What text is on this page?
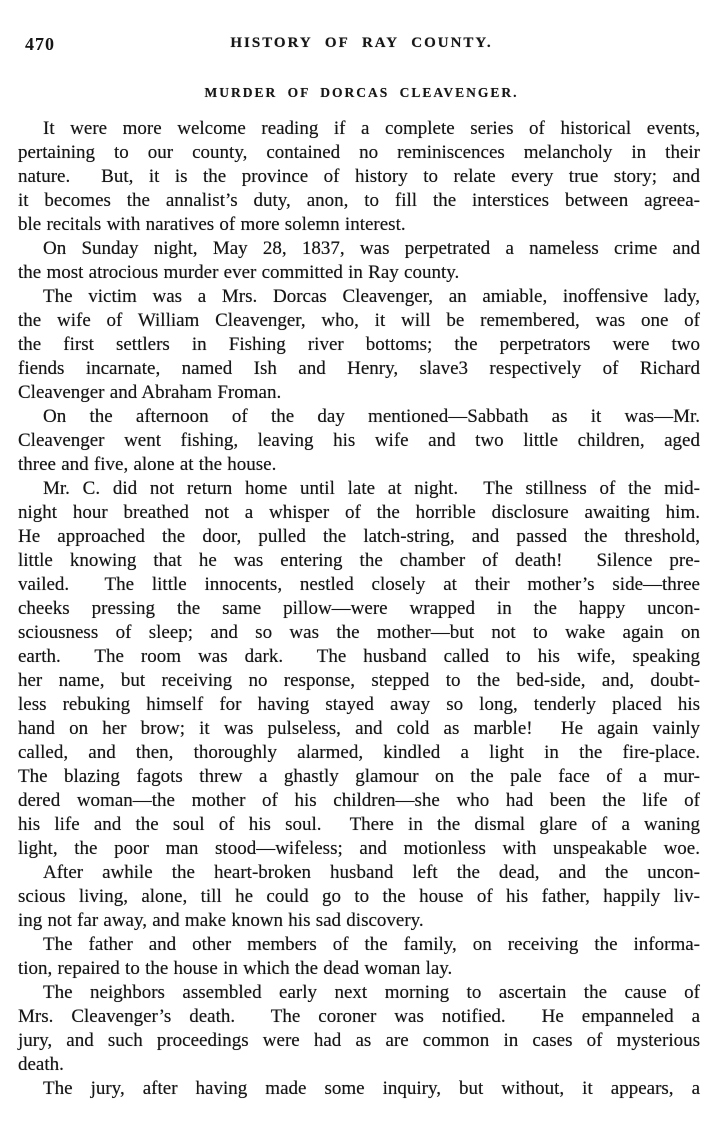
470	HISTORY OF RAY COUNTY.
MURDER OF DORCAS CLEAVENGER.
It were more welcome reading if a complete series of historical events,
pertaining to our county, contained no reminiscences melancholy in their
nature.  But, it is the province of history to relate every true story; and
it becomes the annalist’s duty, anon, to fill the interstices between agreea-
ble recitals with naratives of more solemn interest.
On Sunday night, May 28, 1837, was perpetrated a nameless crime and
the most atrocious murder ever committed in Ray county.
The victim was a Mrs. Dorcas Cleavenger, an amiable, inoffensive lady,
the wife of William Cleavenger, who, it will be remembered, was one of
the first settlers in Fishing river bottoms; the perpetrators were two
fiends incarnate, named Ish and Henry, slave3 respectively of Richard
Cleavenger and Abraham Froman.
On the afternoon of the day mentioned—Sabbath as it was—Mr.
Cleavenger went fishing, leaving his wife and two little children, aged
three and five, alone at the house.
Mr. C. did not return home until late at night.  The stillness of the mid-
night hour breathed not a whisper of the horrible disclosure awaiting him.
He approached the door, pulled the latch-string, and passed the threshold,
little knowing that he was entering the chamber of death!  Silence pre-
vailed.  The little innocents, nestled closely at their mother’s side—three
cheeks pressing the same pillow—were wrapped in the happy uncon-
sciousness of sleep; and so was the mother—but not to wake again on
earth.  The room was dark.  The husband called to his wife, speaking
her name, but receiving no response, stepped to the bed-side, and, doubt-
less rebuking himself for having stayed away so long, tenderly placed his
hand on her brow; it was pulseless, and cold as marble!  He again vainly
called, and then, thoroughly alarmed, kindled a light in the fire-place.
The blazing fagots threw a ghastly glamour on the pale face of a mur-
dered woman—the mother of his children—she who had been the life of
his life and the soul of his soul.  There in the dismal glare of a waning
light, the poor man stood—wifeless; and motionless with unspeakable woe.
After awhile the heart-broken husband left the dead, and the uncon-
scious living, alone, till he could go to the house of his father, happily liv-
ing not far away, and make known his sad discovery.
The father and other members of the family, on receiving the informa-
tion, repaired to the house in which the dead woman lay.
The neighbors assembled early next morning to ascertain the cause of
Mrs. Cleavenger’s death.  The coroner was notified.  He empanneled a
jury, and such proceedings were had as are common in cases of mysterious
death.
The jury, after having made some inquiry, but without, it appears, a
